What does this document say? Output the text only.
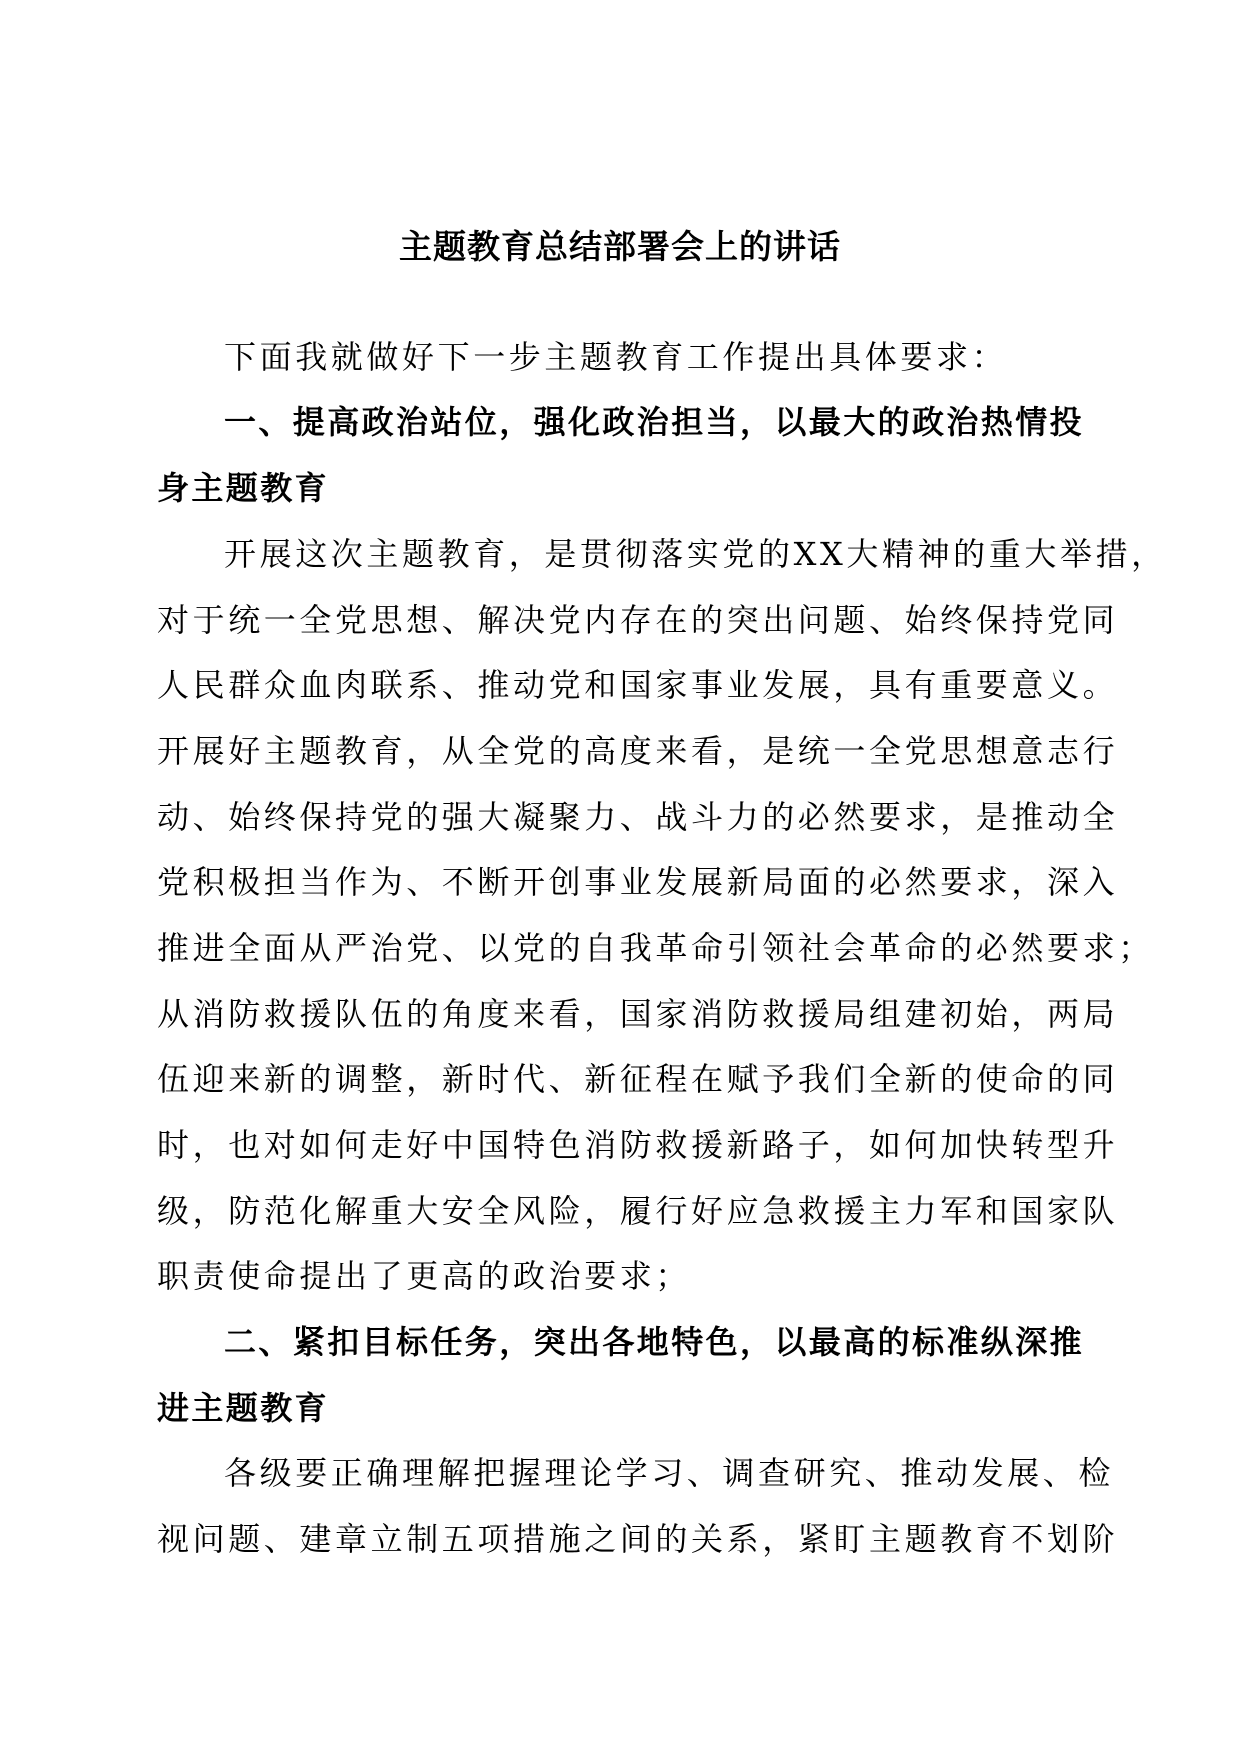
主题教育总结部署会上的讲话

下面我就做好下一步主题教育工作提出具体要求：

一、提高政治站位，强化政治担当，以最大的政治热情投

身主题教育

开展这次主题教育，是贯彻落实党的XX大精神的重大举措，

对于统一全党思想、解决党内存在的突出问题、始终保持党同

人民群众血肉联系、推动党和国家事业发展，具有重要意义。

开展好主题教育，从全党的高度来看，是统一全党思想意志行

动、始终保持党的强大凝聚力、战斗力的必然要求，是推动全

党积极担当作为、不断开创事业发展新局面的必然要求，深入

推进全面从严治党、以党的自我革命引领社会革命的必然要求；

从消防救援队伍的角度来看，国家消防救援局组建初始，两局

伍迎来新的调整，新时代、新征程在赋予我们全新的使命的同

时，也对如何走好中国特色消防救援新路子，如何加快转型升

级，防范化解重大安全风险，履行好应急救援主力军和国家队

职责使命提出了更高的政治要求；

二、紧扣目标任务，突出各地特色，以最高的标准纵深推

进主题教育

各级要正确理解把握理论学习、调查研究、推动发展、检

视问题、建章立制五项措施之间的关系，紧盯主题教育不划阶
